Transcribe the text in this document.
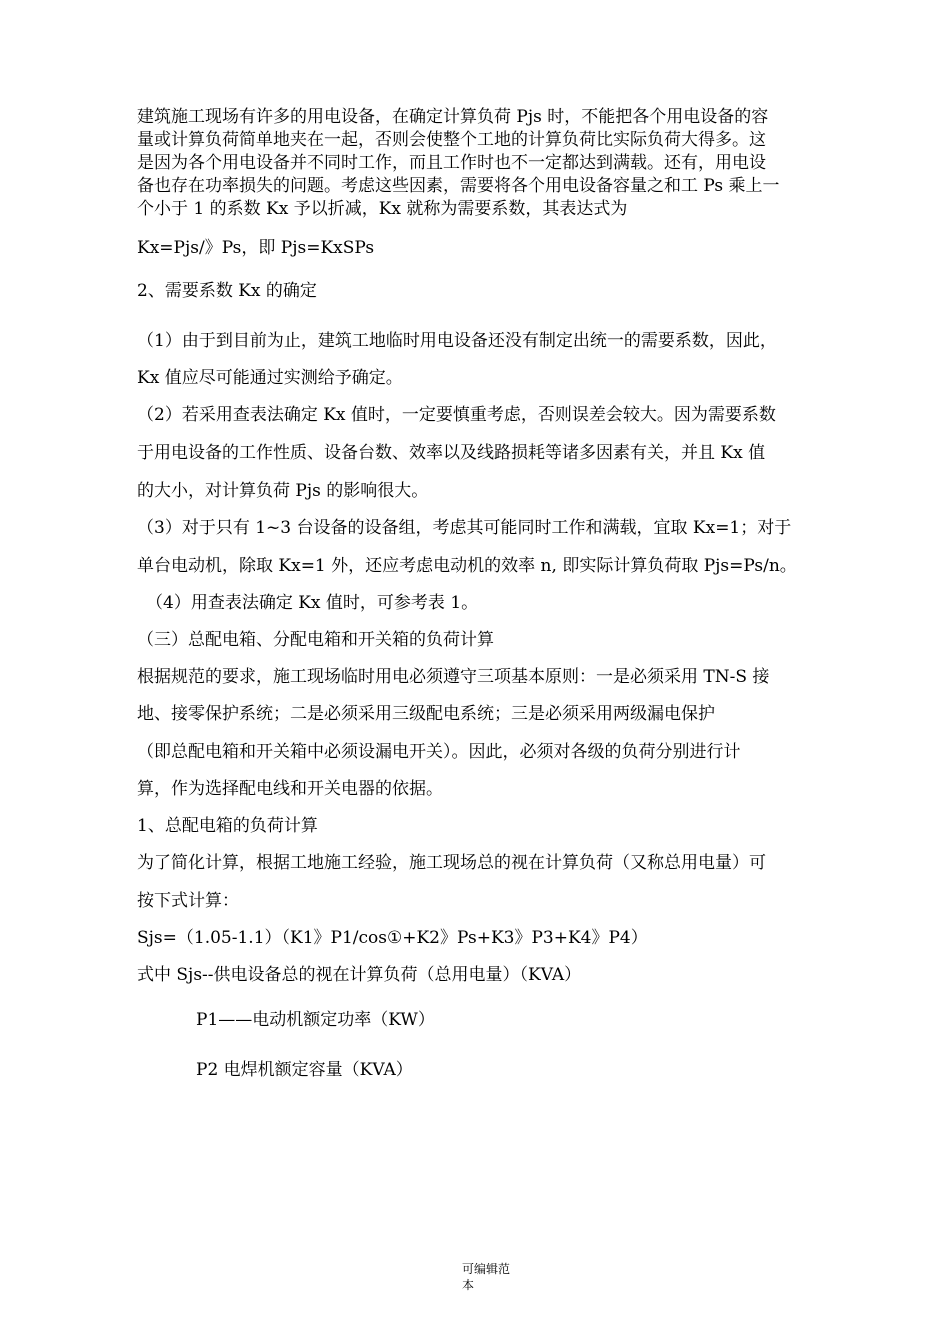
建筑施工现场有许多的用电设备，在确定计算负荷 Pjs 时，不能把各个用电设备的容
量或计算负荷简单地夹在一起，否则会使整个工地的计算负荷比实际负荷大得多。这
是因为各个用电设备并不同时工作，而且工作时也不一定都达到满载。还有，用电设
备也存在功率损失的问题。考虑这些因素，需要将各个用电设备容量之和工 Ps 乘上一
个小于 1 的系数 Kx 予以折减，Kx 就称为需要系数，其表达式为
Kx=Pjs/》Ps，即 Pjs=KxSPs
2、需要系数 Kx 的确定
（1）由于到目前为止，建筑工地临时用电设备还没有制定出统一的需要系数，因此，
Kx 值应尽可能通过实测给予确定。
（2）若采用查表法确定 Kx 值时，一定要慎重考虑，否则误差会较大。因为需要系数
于用电设备的工作性质、设备台数、效率以及线路损耗等诸多因素有关，并且 Kx 值
的大小，对计算负荷 Pjs 的影响很大。
（3）对于只有 1~3 台设备的设备组，考虑其可能同时工作和满载，宜取 Kx=1；对于
单台电动机，除取 Kx=1 外，还应考虑电动机的效率 n, 即实际计算负荷取 Pjs=Ps/n。
（4）用查表法确定 Kx 值时，可参考表 1。
（三）总配电箱、分配电箱和开关箱的负荷计算
根据规范的要求，施工现场临时用电必须遵守三项基本原则：一是必须采用 TN-S 接
地、接零保护系统；二是必须采用三级配电系统；三是必须采用两级漏电保护
（即总配电箱和开关箱中必须设漏电开关）。因此，必须对各级的负荷分别进行计
算，作为选择配电线和开关电器的依据。
1、总配电箱的负荷计算
为了简化计算，根据工地施工经验，施工现场总的视在计算负荷（又称总用电量）可
按下式计算：
Sjs=（1.05-1.1）（K1》P1/cos①+K2》Ps+K3》P3+K4》P4）
式中 Sjs--供电设备总的视在计算负荷（总用电量）（KVA）
P1——电动机额定功率（KW）
P2 电焊机额定容量（KVA）
可编辑范
本
